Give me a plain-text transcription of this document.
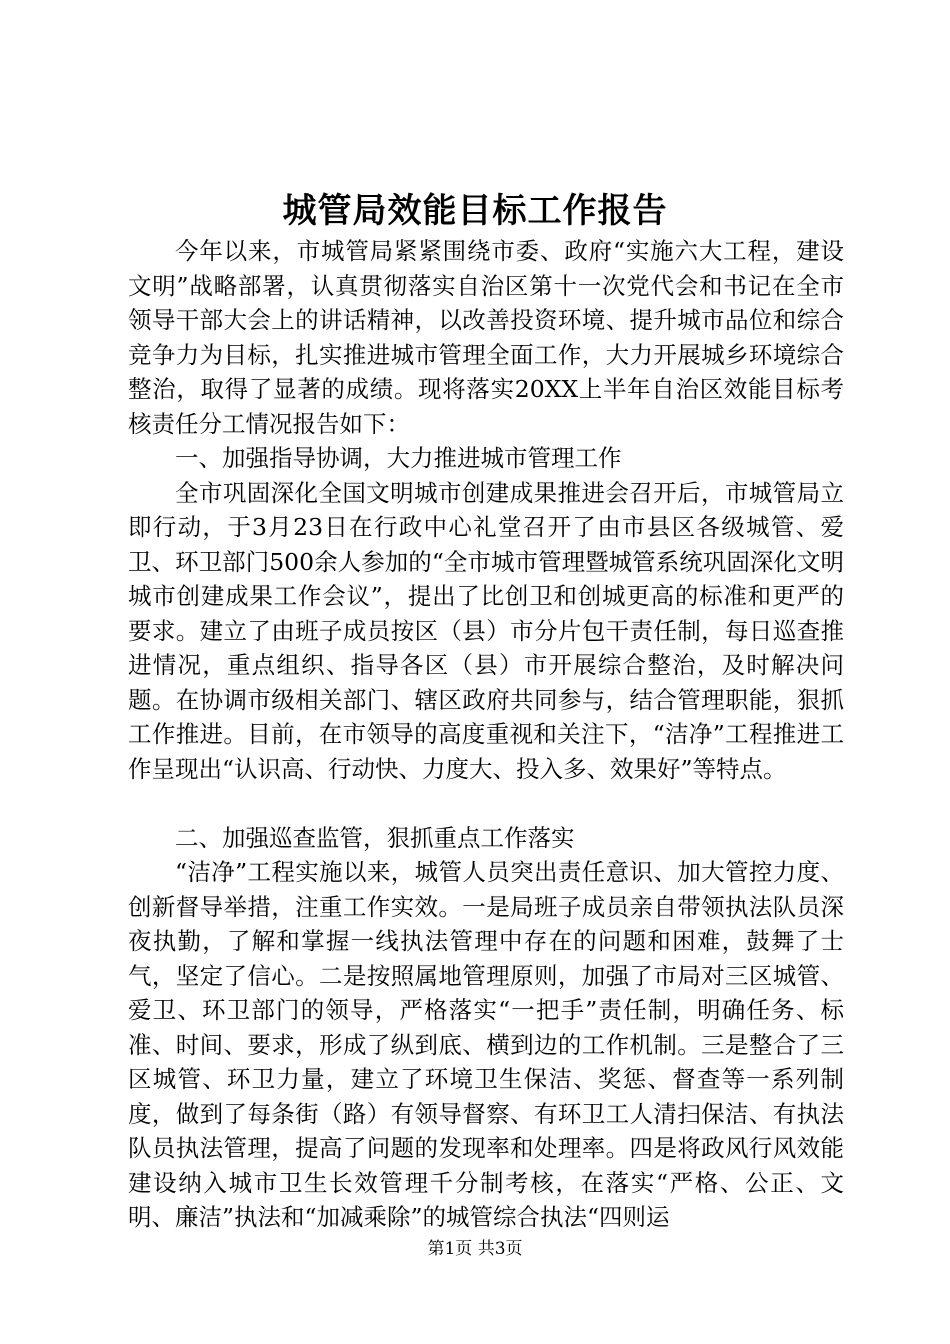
城管局效能目标工作报告

今年以来，市城管局紧紧围绕市委、政府“实施六大工程，建设文明”战略部署，认真贯彻落实自治区第十一次党代会和书记在全市领导干部大会上的讲话精神，以改善投资环境、提升城市品位和综合竞争力为目标，扎实推进城市管理全面工作，大力开展城乡环境综合整治，取得了显著的成绩。现将落实20XX上半年自治区效能目标考核责任分工情况报告如下：

一、加强指导协调，大力推进城市管理工作

全市巩固深化全国文明城市创建成果推进会召开后，市城管局立即行动，于3月23日在行政中心礼堂召开了由市县区各级城管、爱卫、环卫部门500余人参加的“全市城市管理暨城管系统巩固深化文明城市创建成果工作会议”，提出了比创卫和创城更高的标准和更严的要求。建立了由班子成员按区（县）市分片包干责任制，每日巡查推进情况，重点组织、指导各区（县）市开展综合整治，及时解决问题。在协调市级相关部门、辖区政府共同参与，结合管理职能，狠抓工作推进。目前，在市领导的高度重视和关注下，“洁净”工程推进工作呈现出“认识高、行动快、力度大、投入多、效果好”等特点。

二、加强巡查监管，狠抓重点工作落实

“洁净”工程实施以来，城管人员突出责任意识、加大管控力度、创新督导举措，注重工作实效。一是局班子成员亲自带领执法队员深夜执勤，了解和掌握一线执法管理中存在的问题和困难，鼓舞了士气，坚定了信心。二是按照属地管理原则，加强了市局对三区城管、爱卫、环卫部门的领导，严格落实“一把手”责任制，明确任务、标准、时间、要求，形成了纵到底、横到边的工作机制。三是整合了三区城管、环卫力量，建立了环境卫生保洁、奖惩、督查等一系列制度，做到了每条街（路）有领导督察、有环卫工人清扫保洁、有执法队员执法管理，提高了问题的发现率和处理率。四是将政风行风效能建设纳入城市卫生长效管理千分制考核，在落实“严格、公正、文明、廉洁”执法和“加减乘除”的城管综合执法“四则运

第1页 共3页
